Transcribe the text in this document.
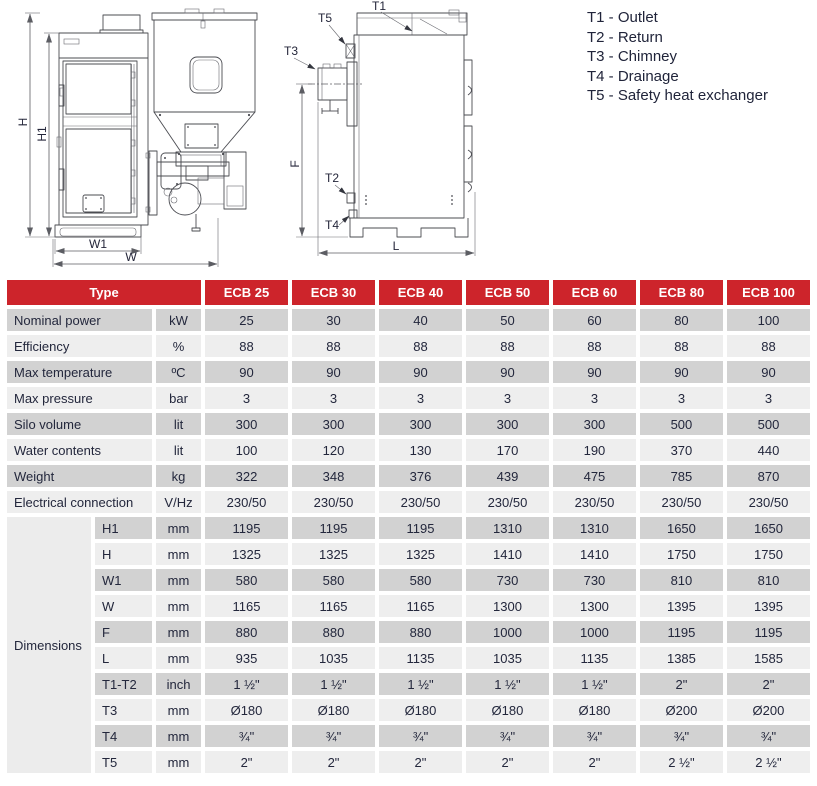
H
H1
W1
W
T1
T5
T3
T2
T4
F
L
T1 - Outlet
T2 - Return
T3 - Chimney
T4 - Drainage
T5 - Safety heat exchanger
Type			ECB 25	ECB 30	ECB 40	ECB 50	ECB 60	ECB 80	ECB 100
Nominal power		kW	25	30	40	50	60	80	100
Efficiency		%	88	88	88	88	88	88	88
Max temperature		ºC	90	90	90	90	90	90	90
Max pressure		bar	3	3	3	3	3	3	3
Silo volume		lit	300	300	300	300	300	500	500
Water contents		lit	100	120	130	170	190	370	440
Weight		kg	322	348	376	439	475	785	870
Electrical connection		V/Hz	230/50	230/50	230/50	230/50	230/50	230/50	230/50
Dimensions	H1	mm	1195	1195	1195	1310	1310	1650	1650
	H	mm	1325	1325	1325	1410	1410	1750	1750
	W1	mm	580	580	580	730	730	810	810
	W	mm	1165	1165	1165	1300	1300	1395	1395
	F	mm	880	880	880	1000	1000	1195	1195
	L	mm	935	1035	1135	1035	1135	1385	1585
	T1-T2	inch	1 ½"	1 ½"	1 ½"	1 ½"	1 ½"	2"	2"
	T3	mm	Ø180	Ø180	Ø180	Ø180	Ø180	Ø200	Ø200
	T4	mm	¾"	¾"	¾"	¾"	¾"	¾"	¾"
	T5	mm	2"	2"	2"	2"	2"	2 ½"	2 ½"
